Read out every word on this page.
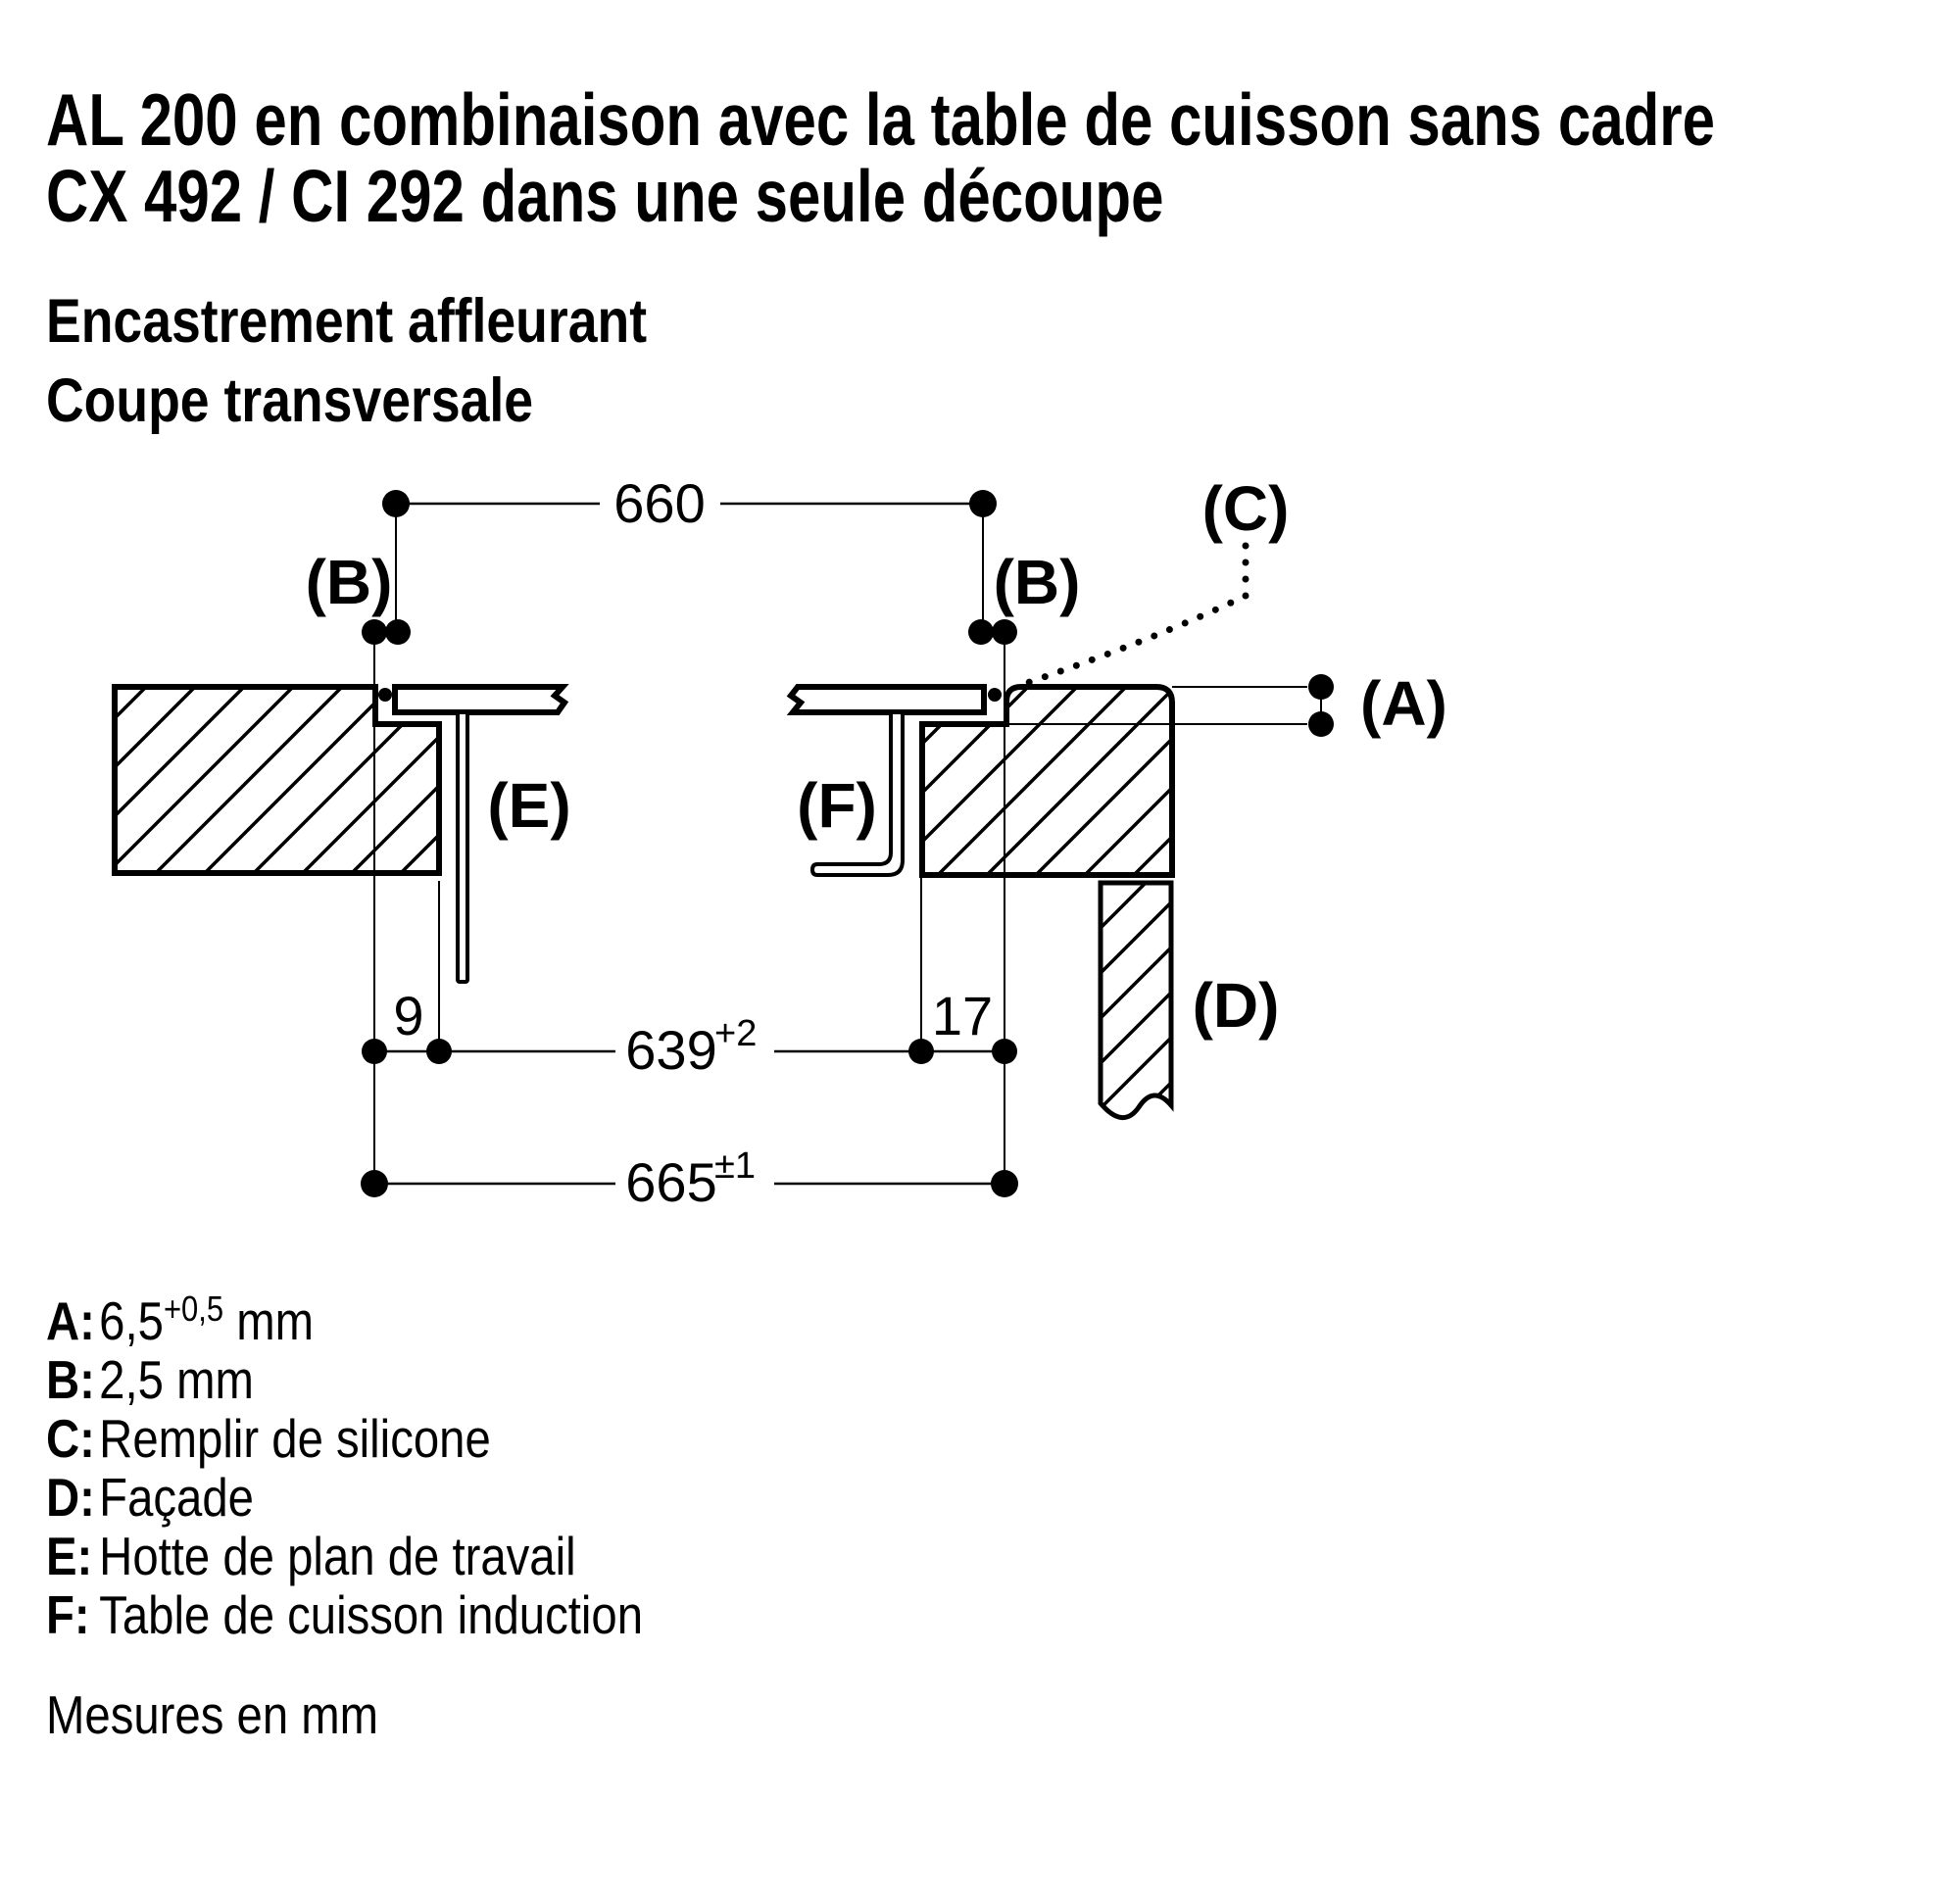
AL 200 en combinaison avec la table de cuisson sans cadre
CX 492 / CI 292 dans une seule découpe
Encastrement affleurant
Coupe transversale
660
9	17
639
+2
665
±1
(B)	(B)
(C)
(A)
(E)	(F)
(D)
$A:6,5^{+0,5}$ mm
B:2,5 mm
C:Remplir de silicone
D:Façade
E: Hotte de plan de travail
F: Table de cuisson induction
Mesures en mm
